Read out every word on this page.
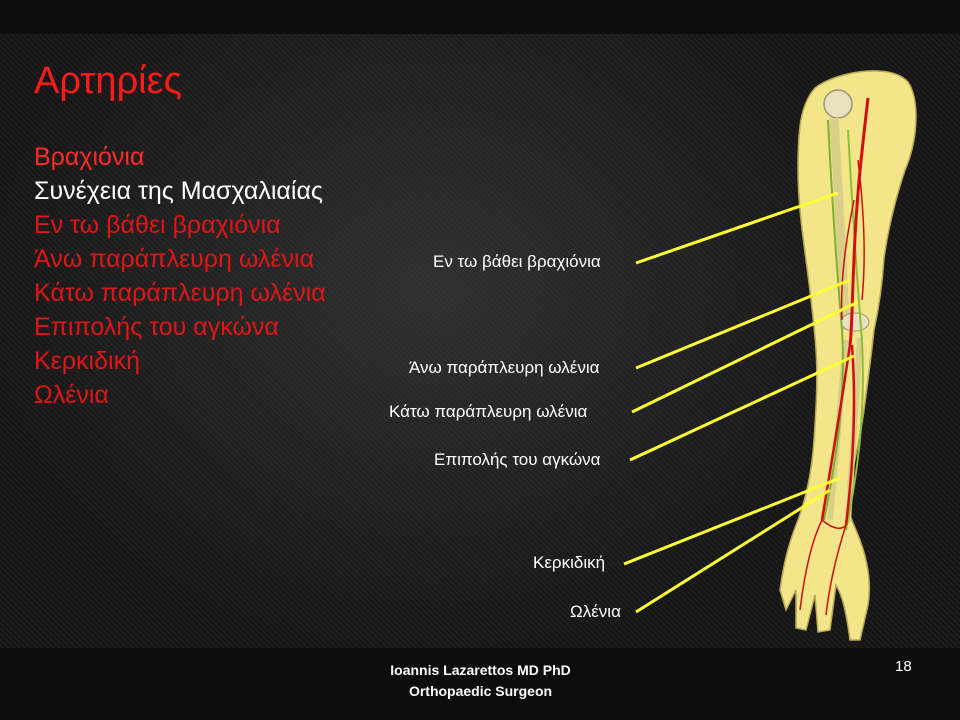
Αρτηρίες
Βραχιόνια
Συνέχεια της Μασχαλιαίας
Εν τω βάθει βραχιόνια
Άνω παράπλευρη ωλένια
Κάτω παράπλευρη ωλένια
Επιπολής του αγκώνα
Κερκιδική
Ωλένια
Εν τω βάθει βραχιόνια
Άνω παράπλευρη ωλένια
Κάτω παράπλευρη ωλένια
Επιπολής του αγκώνα
Κερκιδική
Ωλένια
Ioannis Lazarettos MD PhD
Orthopaedic Surgeon
18
